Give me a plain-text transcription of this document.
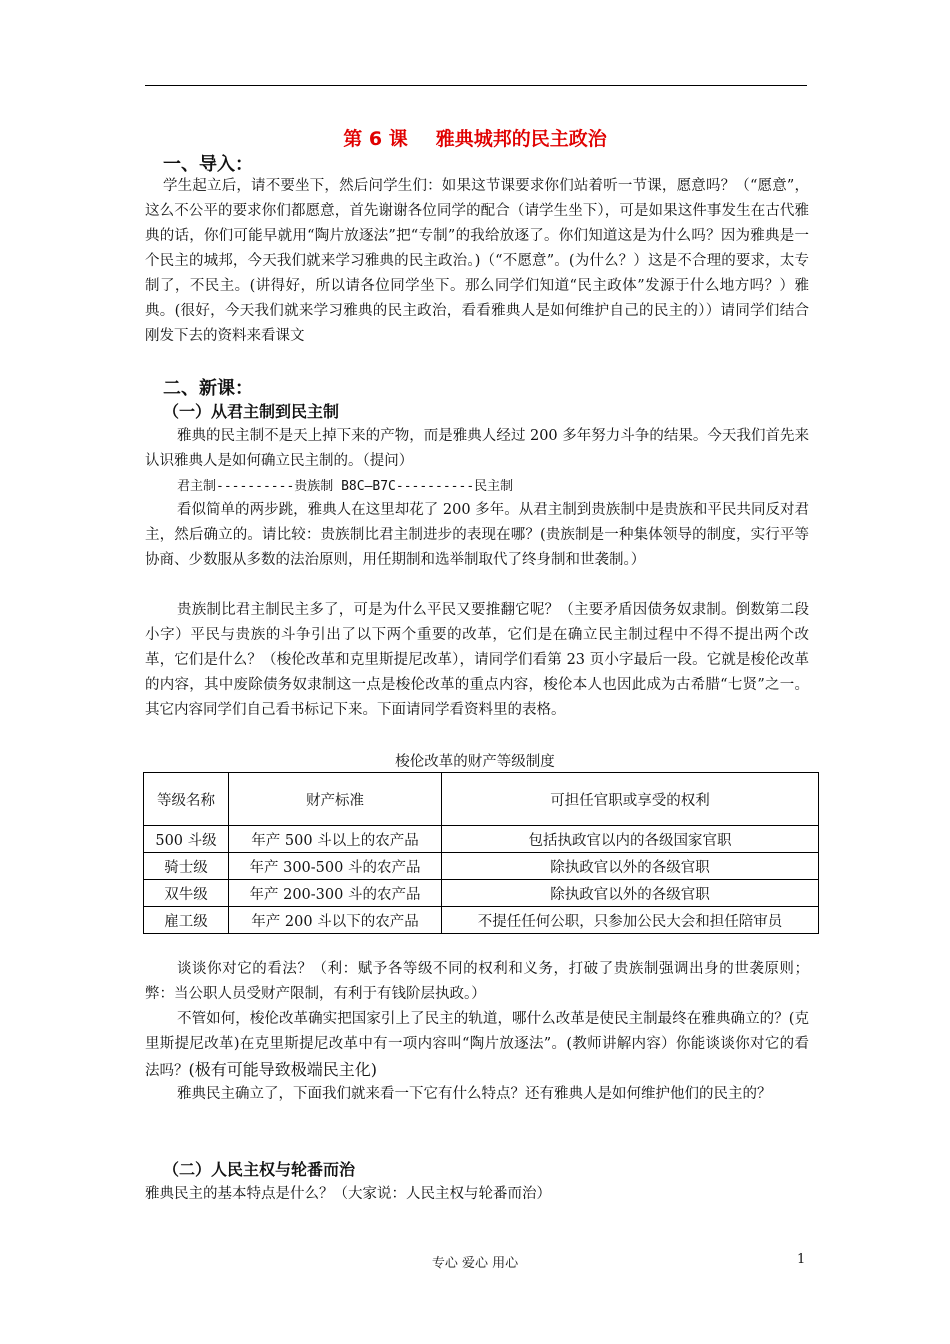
第 6 课 雅典城邦的民主政治
一、导入：
学生起立后，请不要坐下，然后问学生们：如果这节课要求你们站着听一节课，愿意吗？（“愿意”，这么不公平的要求你们都愿意，首先谢谢各位同学的配合（请学生坐下），可是如果这件事发生在古代雅典的话，你们可能早就用“陶片放逐法”把“专制”的我给放逐了。你们知道这是为什么吗？因为雅典是一个民主的城邦，今天我们就来学习雅典的民主政治。)（“不愿意”。(为什么？）这是不合理的要求，太专制了，不民主。(讲得好，所以请各位同学坐下。那么同学们知道“民主政体”发源于什么地方吗？）雅典。(很好，今天我们就来学习雅典的民主政治，看看雅典人是如何维护自己的民主的））请同学们结合刚发下去的资料来看课文
二、新课：
（一）从君主制到民主制
雅典的民主制不是天上掉下来的产物，而是雅典人经过 200 多年努力斗争的结果。今天我们首先来认识雅典人是如何确立民主制的。（提问）
君主制----------贵族制 B8C—B7C----------民主制
看似简单的两步跳，雅典人在这里却花了 200 多年。从君主制到贵族制中是贵族和平民共同反对君主，然后确立的。请比较：贵族制比君主制进步的表现在哪？(贵族制是一种集体领导的制度，实行平等协商、少数服从多数的法治原则，用任期制和选举制取代了终身制和世袭制。）
贵族制比君主制民主多了，可是为什么平民又要推翻它呢？（主要矛盾因债务奴隶制。倒数第二段小字）平民与贵族的斗争引出了以下两个重要的改革，它们是在确立民主制过程中不得不提出两个改革，它们是什么？（梭伦改革和克里斯提尼改革），请同学们看第 23 页小字最后一段。它就是梭伦改革的内容，其中废除债务奴隶制这一点是梭伦改革的重点内容，梭伦本人也因此成为古希腊“七贤”之一。其它内容同学们自己看书标记下来。下面请同学看资料里的表格。
梭伦改革的财产等级制度
等级名称	财产标准	可担任官职或享受的权利
500 斗级	年产 500 斗以上的农产品	包括执政官以内的各级国家官职
骑士级	年产 300-500 斗的农产品	除执政官以外的各级官职
双牛级	年产 200-300 斗的农产品	除执政官以外的各级官职
雇工级	年产 200 斗以下的农产品	不提任任何公职，只参加公民大会和担任陪审员
谈谈你对它的看法？（利：赋予各等级不同的权利和义务，打破了贵族制强调出身的世袭原则；弊：当公职人员受财产限制，有利于有钱阶层执政。）
不管如何，梭伦改革确实把国家引上了民主的轨道，哪什么改革是使民主制最终在雅典确立的？(克里斯提尼改革)在克里斯提尼改革中有一项内容叫“陶片放逐法”。(教师讲解内容）你能谈谈你对它的看法吗？(极有可能导致极端民主化)
雅典民主确立了，下面我们就来看一下它有什么特点？还有雅典人是如何维护他们的民主的？
（二）人民主权与轮番而治
雅典民主的基本特点是什么？（大家说：人民主权与轮番而治）
专心 爱心 用心	1
